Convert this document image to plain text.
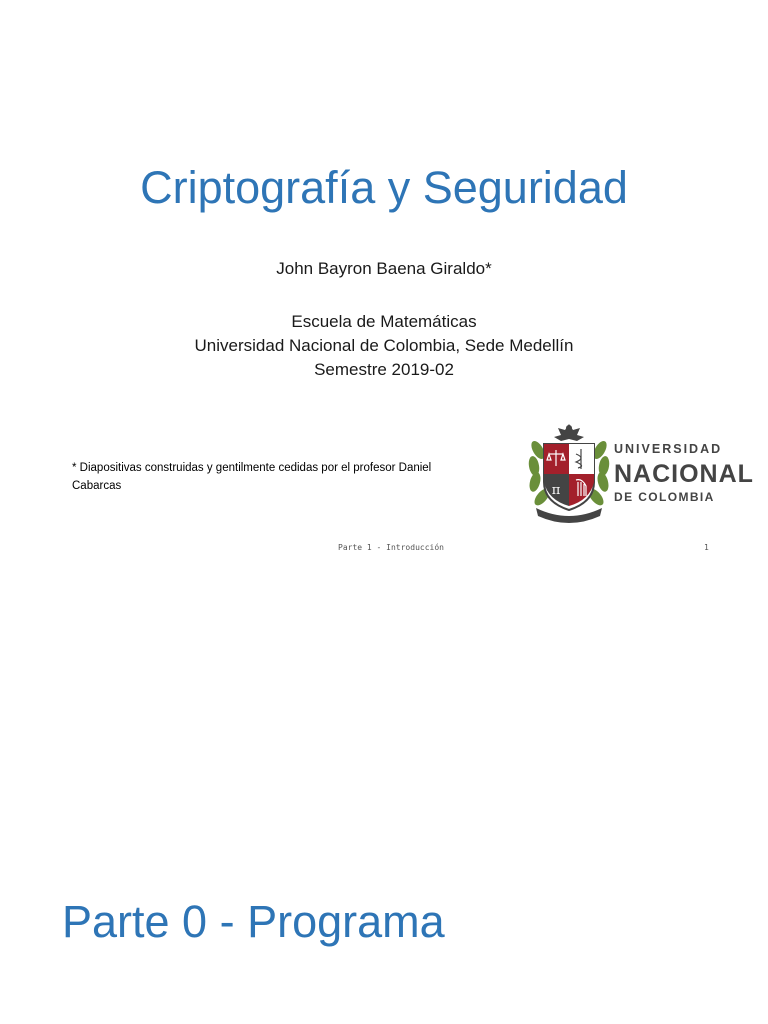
Criptografía y Seguridad
John Bayron Baena Giraldo*
Escuela de Matemáticas
Universidad Nacional de Colombia, Sede Medellín
Semestre 2019-02
* Diapositivas construidas y gentilmente cedidas por el profesor Daniel Cabarcas	π
UNIVERSIDAD
NACIONAL
DE COLOMBIA
Parte 1 - Introducción	1
Parte 0 - Programa
